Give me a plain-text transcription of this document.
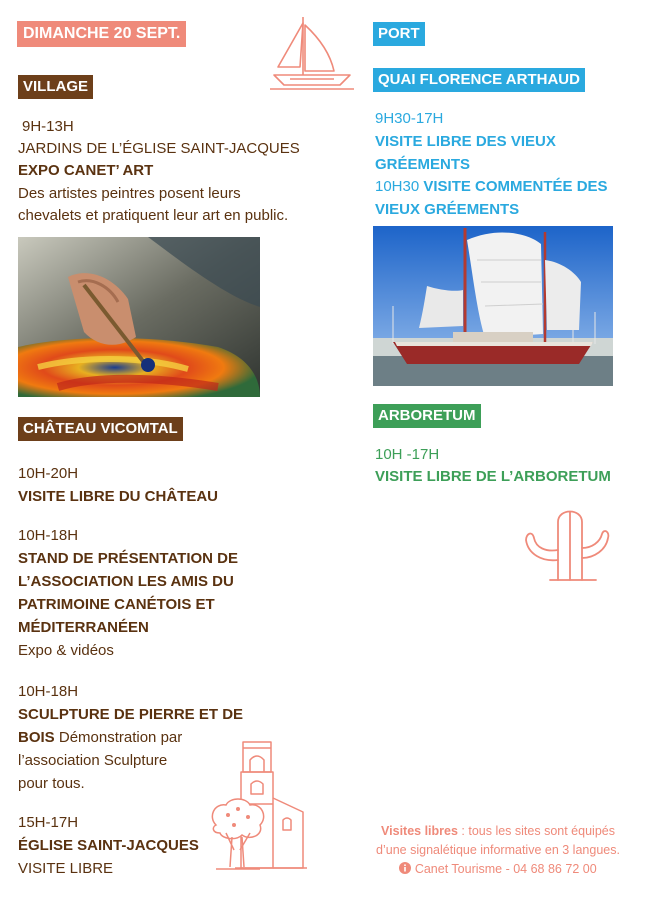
DIMANCHE 20 SEPT.
VILLAGE
9H-13H
JARDINS DE L’ÉGLISE SAINT-JACQUES
EXPO CANET’ ART
Des artistes peintres posent leurs
chevalets et pratiquent leur art en public.
CHÂTEAU VICOMTAL
10H-20H
VISITE LIBRE DU CHÂTEAU
10H-18H
STAND DE PRÉSENTATION DE
L’ASSOCIATION LES AMIS DU
PATRIMOINE CANÉTOIS ET
MÉDITERRANÉEN
Expo & vidéos
10H-18H
SCULPTURE DE PIERRE ET DE
BOIS Démonstration par
l’association Sculpture
pour tous.
15H-17H
ÉGLISE SAINT-JACQUES
VISITE LIBRE
PORT
QUAI FLORENCE ARTHAUD
9H30-17H
VISITE LIBRE DES VIEUX
GRÉEMENTS
10H30 VISITE COMMENTÉE DES
VIEUX GRÉEMENTS
ARBORETUM
10H -17H
VISITE LIBRE DE L’ARBORETUM
Visites libres : tous les sites sont équipés
d’une signalétique informative en 3 langues.
Canet Tourisme - 04 68 86 72 00
